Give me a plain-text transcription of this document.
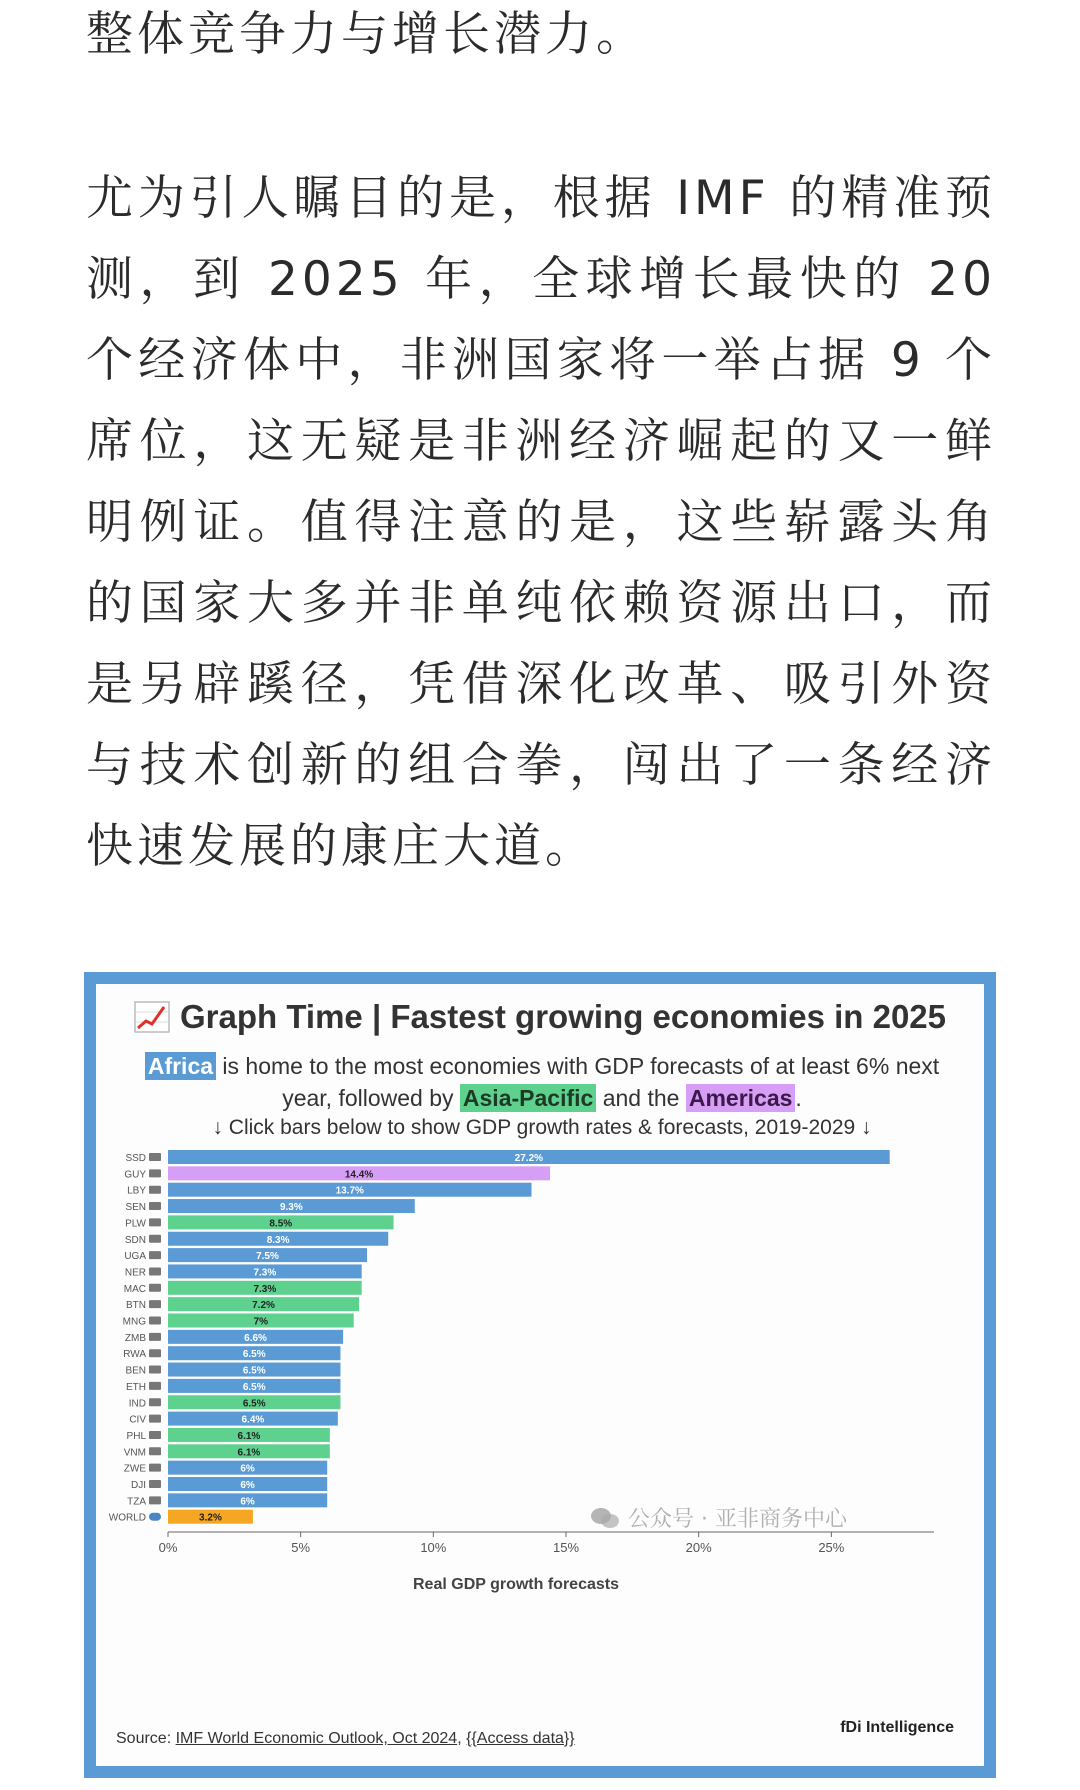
整体竞争力与增长潜力。

尤为引人瞩目的是，根据 IMF 的精准预测，到 2025 年，全球增长最快的 20 个经济体中，非洲国家将一举占据 9 个席位，这无疑是非洲经济崛起的又一鲜明例证。值得注意的是，这些崭露头角的国家大多并非单纯依赖资源出口，而是另辟蹊径，凭借深化改革、吸引外资与技术创新的组合拳，闯出了一条经济快速发展的康庄大道。

Graph Time | Fastest growing economies in 2025
Africa is home to the most economies with GDP forecasts of at least 6% next year, followed by Asia-Pacific and the Americas .
↓ Click bars below to show GDP growth rates & forecasts, 2019-2029 ↓
SSD	27.2%
GUY	14.4%
LBY	13.7%
SEN	9.3%
PLW	8.5%
SDN	8.3%
UGA	7.5%
NER	7.3%
MAC	7.3%
BTN	7.2%
MNG	7%
ZMB	6.6%
RWA	6.5%
BEN	6.5%
ETH	6.5%
IND	6.5%
CIV	6.4%
PHL	6.1%
VNM	6.1%
ZWE	6%
DJI	6%
TZA	6%
WORLD	3.2%
0%	5%	10%	15%	20%	25%
Real GDP growth forecasts
Source: IMF World Economic Outlook, Oct 2024, {{Access data}}
fDi Intelligence
公众号 · 亚非商务中心
